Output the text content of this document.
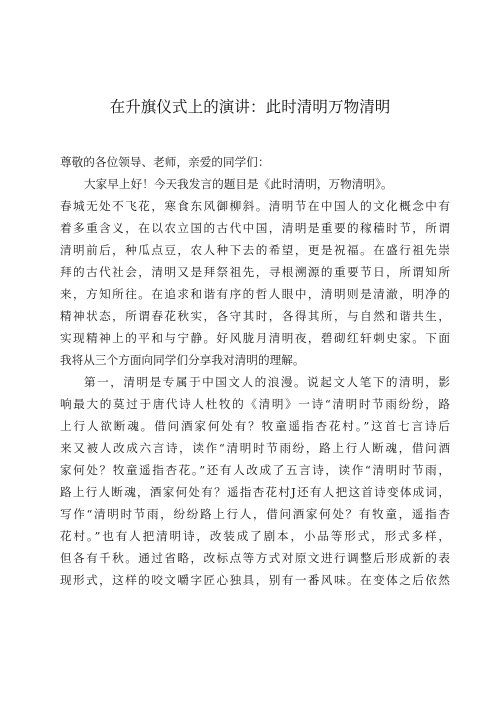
在升旗仪式上的演讲：此时清明万物清明
尊敬的各位领导、老师，亲爱的同学们：
大家早上好！今天我发言的题目是《此时清明，万物清明》。
春城无处不飞花，寒食东风御柳斜。清明节在中国人的文化概念中有
着多重含义，在以农立国的古代中国，清明是重要的稼穑时节，所谓
清明前后，种瓜点豆，农人种下去的希望，更是祝福。在盛行祖先崇
拜的古代社会，清明又是拜祭祖先，寻根溯源的重要节日，所谓知所
来，方知所往。在追求和谐有序的哲人眼中，清明则是清澈，明净的
精神状态，所谓春花秋实，各守其时，各得其所，与自然和谐共生，
实现精神上的平和与宁静。好风胧月清明夜，碧砌红轩刺史家。下面
我将从三个方面向同学们分享我对清明的理解。
第一，清明是专属于中国文人的浪漫。说起文人笔下的清明，影
响最大的莫过于唐代诗人杜牧的《清明》一诗“清明时节雨纷纷，路
上行人欲断魂。借问酒家何处有？牧童遥指杏花村。”这首七言诗后
来又被人改成六言诗，读作“清明时节雨纷，路上行人断魂，借问酒
家何处？牧童遥指杏花。”还有人改成了五言诗，读作“清明时节雨，
路上行人断魂，酒家何处有？遥指杏花村J还有人把这首诗变体成词，
写作“清明时节雨，纷纷路上行人，借问酒家何处？有牧童，遥指杏
花村。”也有人把清明诗，改装成了剧本，小品等形式，形式多样，
但各有千秋。通过省略，改标点等方式对原文进行调整后形成新的表
现形式，这样的咬文嚼字匠心独具，别有一番风味。在变体之后依然
